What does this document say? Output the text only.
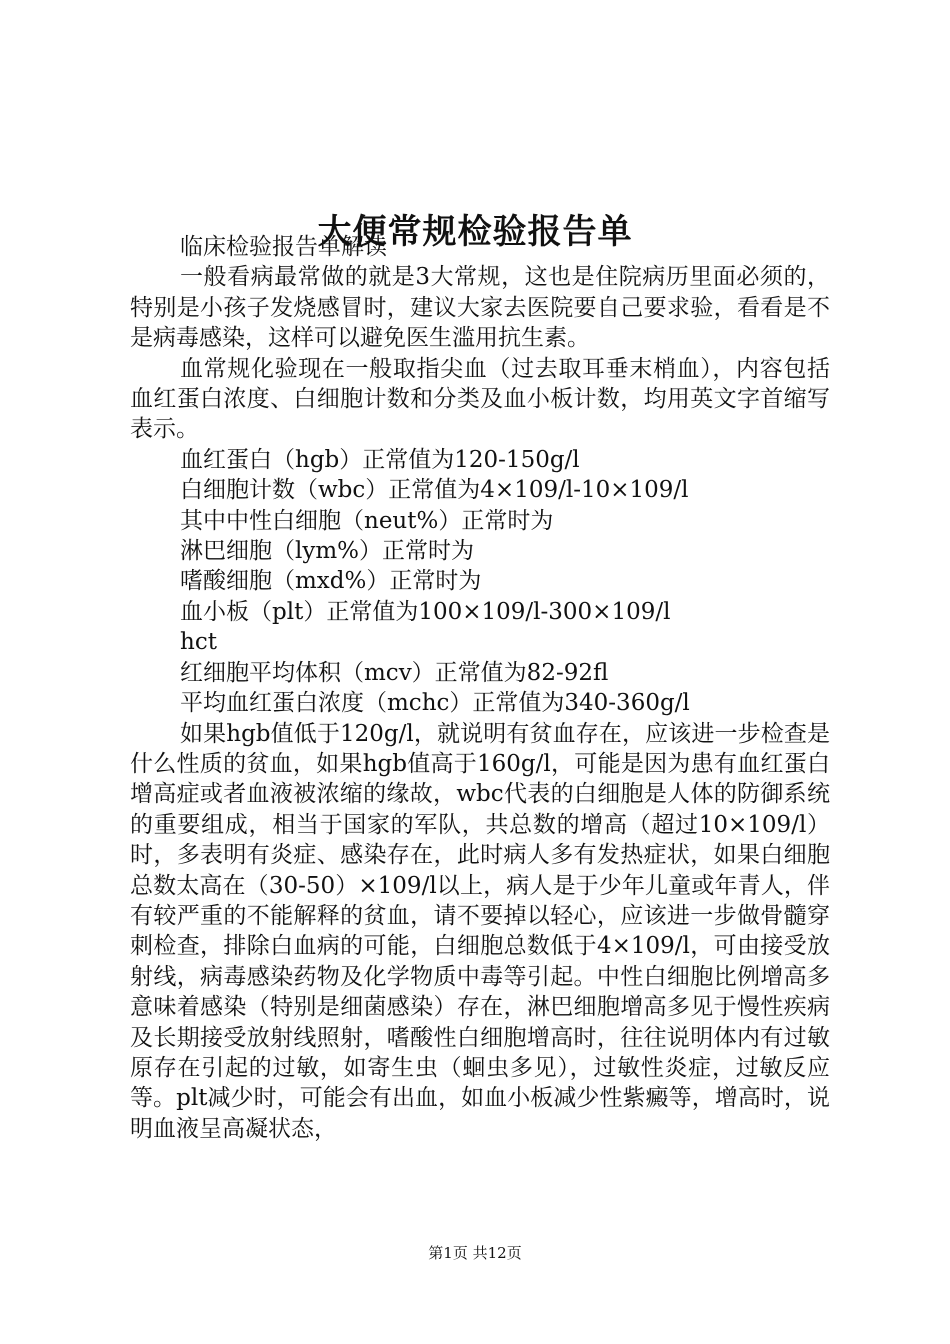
大便常规检验报告单

临床检验报告单解读

一般看病最常做的就是3大常规，这也是住院病历里面必须的，特别是小孩子发烧感冒时，建议大家去医院要自己要求验，看看是不是病毒感染，这样可以避免医生滥用抗生素。

血常规化验现在一般取指尖血（过去取耳垂末梢血），内容包括血红蛋白浓度、白细胞计数和分类及血小板计数，均用英文字首缩写表示。

血红蛋白（hgb）正常值为120-150g/l

白细胞计数（wbc）正常值为4×109/l-10×109/l

其中中性白细胞（neut%）正常时为

淋巴细胞（lym%）正常时为

嗜酸细胞（mxd%）正常时为

血小板（plt）正常值为100×109/l-300×109/l

hct

红细胞平均体积（mcv）正常值为82-92fl

平均血红蛋白浓度（mchc）正常值为340-360g/l

如果hgb值低于120g/l，就说明有贫血存在，应该进一步检查是什么性质的贫血，如果hgb值高于160g/l，可能是因为患有血红蛋白增高症或者血液被浓缩的缘故，wbc代表的白细胞是人体的防御系统的重要组成，相当于国家的军队，共总数的增高（超过10×109/l）时，多表明有炎症、感染存在，此时病人多有发热症状，如果白细胞总数太高在（30-50）×109/l以上，病人是于少年儿童或年青人，伴有较严重的不能解释的贫血，请不要掉以轻心，应该进一步做骨髓穿刺检查，排除白血病的可能，白细胞总数低于4×109/l，可由接受放射线，病毒感染药物及化学物质中毒等引起。中性白细胞比例增高多意味着感染（特别是细菌感染）存在，淋巴细胞增高多见于慢性疾病及长期接受放射线照射，嗜酸性白细胞增高时，往往说明体内有过敏原存在引起的过敏，如寄生虫（蛔虫多见），过敏性炎症，过敏反应等。plt减少时，可能会有出血，如血小板减少性紫癜等，增高时，说明血液呈高凝状态，

第1页 共12页
